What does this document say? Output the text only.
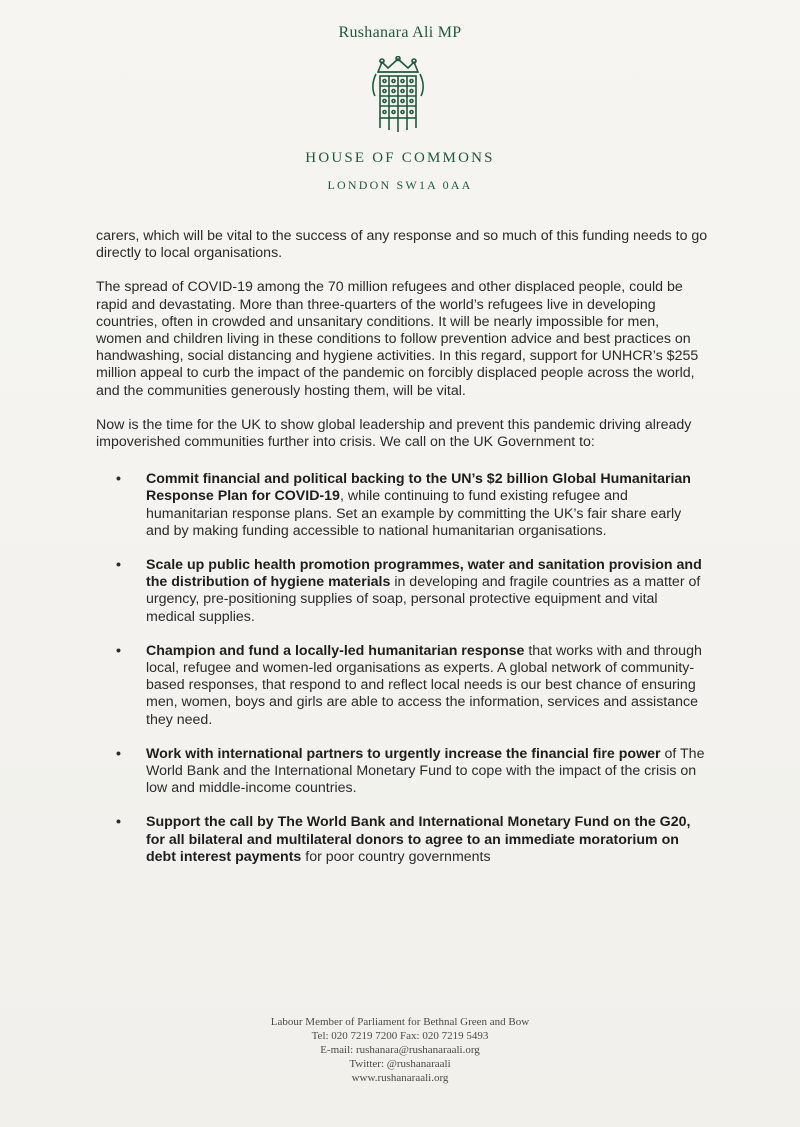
Rushanara Ali MP
HOUSE OF COMMONS
LONDON SW1A 0AA

carers, which will be vital to the success of any response and so much of this funding needs to go directly to local organisations.

The spread of COVID-19 among the 70 million refugees and other displaced people, could be rapid and devastating. More than three-quarters of the world’s refugees live in developing countries, often in crowded and unsanitary conditions. It will be nearly impossible for men, women and children living in these conditions to follow prevention advice and best practices on handwashing, social distancing and hygiene activities. In this regard, support for UNHCR’s $255 million appeal to curb the impact of the pandemic on forcibly displaced people across the world, and the communities generously hosting them, will be vital.

Now is the time for the UK to show global leadership and prevent this pandemic driving already impoverished communities further into crisis. We call on the UK Government to:

• Commit financial and political backing to the UN’s $2 billion Global Humanitarian Response Plan for COVID-19, while continuing to fund existing refugee and humanitarian response plans. Set an example by committing the UK’s fair share early and by making funding accessible to national humanitarian organisations.
• Scale up public health promotion programmes, water and sanitation provision and the distribution of hygiene materials in developing and fragile countries as a matter of urgency, pre-positioning supplies of soap, personal protective equipment and vital medical supplies.
• Champion and fund a locally-led humanitarian response that works with and through local, refugee and women-led organisations as experts. A global network of community-based responses, that respond to and reflect local needs is our best chance of ensuring men, women, boys and girls are able to access the information, services and assistance they need.
• Work with international partners to urgently increase the financial fire power of The World Bank and the International Monetary Fund to cope with the impact of the crisis on low and middle-income countries.
• Support the call by The World Bank and International Monetary Fund on the G20, for all bilateral and multilateral donors to agree to an immediate moratorium on debt interest payments for poor country governments
Labour Member of Parliament for Bethnal Green and Bow
Tel: 020 7219 7200 Fax: 020 7219 5493
E-mail: rushanara@rushanaraali.org
Twitter: @rushanaraali
www.rushanaraali.org
